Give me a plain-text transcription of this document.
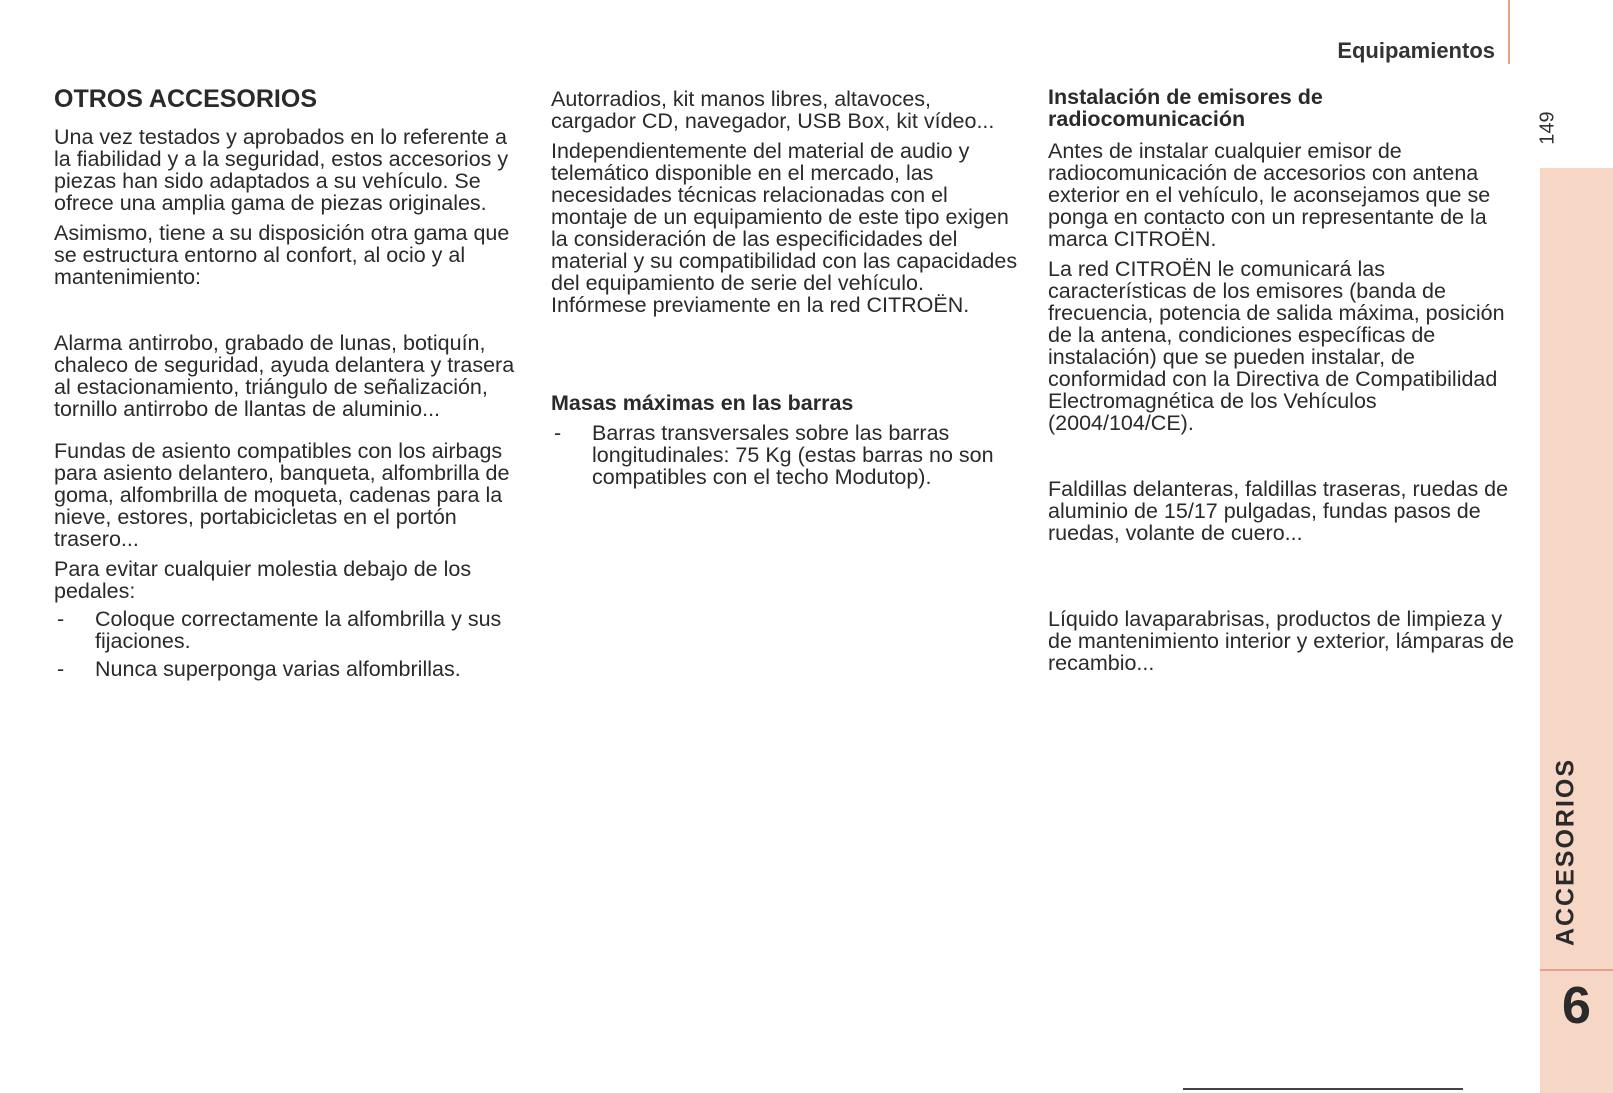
Equipamientos
149
ACCESORIOS
6
OTROS ACCESORIOS

Una vez testados y aprobados en lo referente a la fiabilidad y a la seguridad, estos accesorios y piezas han sido adaptados a su vehículo. Se ofrece una amplia gama de piezas originales.

Asimismo, tiene a su disposición otra gama que se estructura entorno al confort, al ocio y al mantenimiento:

Alarma antirrobo, grabado de lunas, botiquín, chaleco de seguridad, ayuda delantera y trasera al estacionamiento, triángulo de señalización, tornillo antirrobo de llantas de aluminio...

Fundas de asiento compatibles con los airbags para asiento delantero, banqueta, alfombrilla de goma, alfombrilla de moqueta, cadenas para la nieve, estores, portabicicletas en el portón trasero...

Para evitar cualquier molestia debajo de los pedales:

- Coloque correctamente la alfombrilla y sus fijaciones.
- Nunca superponga varias alfombrillas.

Autorradios, kit manos libres, altavoces, cargador CD, navegador, USB Box, kit vídeo...

Independientemente del material de audio y telemático disponible en el mercado, las necesidades técnicas relacionadas con el montaje de un equipamiento de este tipo exigen la consideración de las especificidades del material y su compatibilidad con las capacidades del equipamiento de serie del vehículo. Infórmese previamente en la red CITROËN.

Masas máximas en las barras
- Barras transversales sobre las barras longitudinales: 75 Kg (estas barras no son compatibles con el techo Modutop).
Instalación de emisores de radiocomunicación

Antes de instalar cualquier emisor de radiocomunicación de accesorios con antena exterior en el vehículo, le aconsejamos que se ponga en contacto con un representante de la marca CITROËN.

La red CITROËN le comunicará las características de los emisores (banda de frecuencia, potencia de salida máxima, posición de la antena, condiciones específicas de instalación) que se pueden instalar, de conformidad con la Directiva de Compatibilidad Electromagnética de los Vehículos (2004/104/CE).

Faldillas delanteras, faldillas traseras, ruedas de aluminio de 15/17 pulgadas, fundas pasos de ruedas, volante de cuero...

Líquido lavaparabrisas, productos de limpieza y de mantenimiento interior y exterior, lámparas de recambio...
